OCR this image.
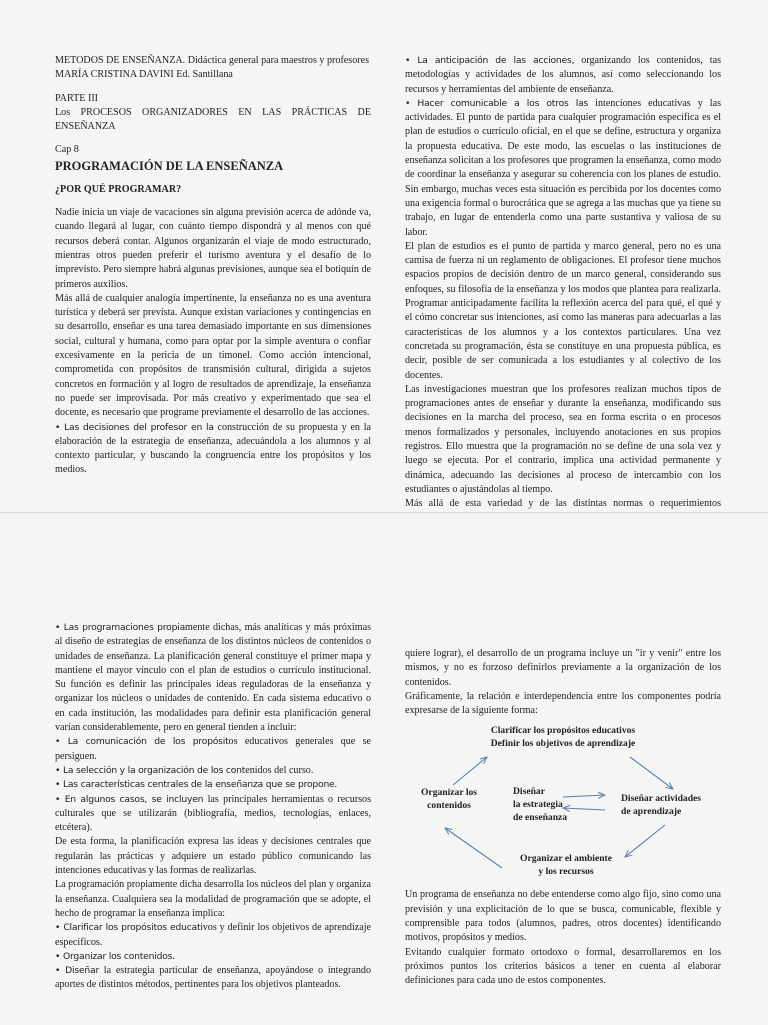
METODOS DE ENSEÑANZA. Didáctica general para maestros y profesores

MARÍA CRISTINA DAVINI Ed. Santillana

PARTE III

Los PROCESOS ORGANIZADORES EN LAS PRÁCTICAS DE ENSEÑANZA

Cap 8

PROGRAMACIÓN DE LA ENSEÑANZA

¿POR QUÉ PROGRAMAR?

Nadie inicia un viaje de vacaciones sin alguna previsión acerca de adónde va, cuando llegará al lugar, con cuánto tiempo dispondrá y al menos con qué recursos deberá contar. Algunos organizarán el viaje de modo estructurado, mientras otros pueden preferir el turismo aventura y el desafío de lo imprevisto. Pero siempre habrá algunas previsiones, aunque sea el botiquín de primeros auxilios.

Más allá de cualquier analogía impertinente, la enseñanza no es una aventura turística y deberá ser prevista. Aunque existan variaciones y contingencias en su desarrollo, enseñar es una tarea demasiado importante en sus dimensiones social, cultural y humana, como para optar por la simple aventura o confiar excesivamente en la pericia de un timonel. Como acción intencional, comprometida con propósitos de transmisión cultural, dirigida a sujetos concretos en formación y al logro de resultados de aprendizaje, la enseñanza no puede ser improvisada. Por más creativo y experimentado que sea el docente, es necesario que programe previamente el desarrollo de las acciones.

• Las decisiones del profesor en la construcción de su propuesta y en la elaboración de la estrategia de enseñanza, adecuándola a los alumnos y al contexto particular, y buscando la congruencia entre los propósitos y los medios.

• La anticipación de las acciones, organizando los contenidos, tas metodologías y actividades de los alumnos, así como seleccionando los recursos y herramientas del ambiente de enseñanza.

• Hacer comunicable a los otros las intenciones educativas y las actividades. El punto de partida para cualquier programación específica es el plan de estudios o currículo oficial, en el que se define, estructura y organiza la propuesta educativa. De este modo, las escuelas o las instituciones de enseñanza solicitan a los profesores que programen la enseñanza, como modo de coordinar la enseñanza y asegurar su coherencia con los planes de estudio. Sin embargo, muchas veces esta situación es percibida por los docentes como una exigencia formal o burocrática que se agrega a las muchas que ya tiene su trabajo, en lugar de entenderla como una parte sustantiva y valiosa de su labor.

El plan de estudios es el punto de partida y marco general, pero no es una camisa de fuerza ni un reglamento de obligaciones. El profesor tiene muchos espacios propios de decisión dentro de un marco general, considerando sus enfoques, su filosofía de la enseñanza y los modos que plantea para realizarla. Programar anticipadamente facilita la reflexión acerca del para qué, el qué y el cómo concretar sus intenciones, así como las maneras para adecuarlas a las características de los alumnos y a los contextos particulares. Una vez concretada su programación, ésta se constituye en una propuesta pública, es decir, posible de ser comunicada a los estudiantes y al colectivo de los docentes.

Las investigaciones muestran que los profesores realizan muchos tipos de programaciones antes de enseñar y durante la enseñanza, modificando sus decisiones en la marcha del proceso, sea en forma escrita o en procesos menos formalizados y personales, incluyendo anotaciones en sus propios registros. Ello muestra que la programación no se define de una sola vez y luego se ejecuta. Por el contrario, implica una actividad permanente y dinámica, adecuando las decisiones al proceso de intercambio con los estudiantes o ajustándolas al tiempo.

Más allá de esta variedad y de las distintas normas o requerimientos

• Las programaciones propiamente dichas, más analíticas y más próximas al diseño de estrategias de enseñanza de los distintos núcleos de contenidos o unidades de enseñanza. La planificación general constituye el primer mapa y mantiene el mayor vínculo con el plan de estudios o currículo institucional. Su función es definir las principales ideas reguladoras de la enseñanza y organizar los núcleos o unidades de contenido. En cada sistema educativo o en cada institución, las modalidades para definir esta planificación general varían considerablemente, pero en general tienden a incluir:

• La comunicación de los propósitos educativos generales que se persiguen.

• La selección y la organización de los contenidos del curso.

• Las características centrales de la enseñanza que se propone.

• En algunos casos, se incluyen las principales herramientas o recursos culturales que se utilizarán (bibliografía, medios, tecnologías, enlaces, etcétera).

De esta forma, la planificación expresa las ideas y decisiones centrales que regularán las prácticas y adquiere un estado público comunicando las intenciones educativas y las formas de realizarlas.

La programación propiamente dicha desarrolla los núcleos del plan y organiza la enseñanza. Cualquiera sea la modalidad de programación que se adopte, el hecho de programar la enseñanza implica:

• Clarificar los propósitos educativos y definir los objetivos de aprendizaje específicos.

• Organizar los contenidos.

• Diseñar la estrategia particular de enseñanza, apoyándose o integrando aportes de distintos métodos, pertinentes para los objetivos planteados.

quiere lograr), el desarrollo de un programa incluye un "ir y venir" entre los mismos, y no es forzoso definirlos previamente a la organización de los contenidos.

Gráficamente, la relación e interdependencia entre los componentes podría expresarse de la siguiente forma:

Clarificar los propósitos educativos
Definir los objetivos de aprendizaje
Organizar los
contenidos
Diseñar
la estrategia
de enseñanza
Diseñar actividades
de aprendizaje
Organizar el ambiente
y los recursos

Un programa de enseñanza no debe entenderse como algo fijo, sino como una previsión y una explicitación de lo que se busca, comunicable, flexible y comprensible para todos (alumnos, padres, otros docentes) identificando motivos, propósitos y medios.

Evitando cualquier formato ortodoxo o formal, desarrollaremos en los próximos puntos los criterios básicos a tener en cuenta al elaborar definiciones para cada uno de estos componentes.
